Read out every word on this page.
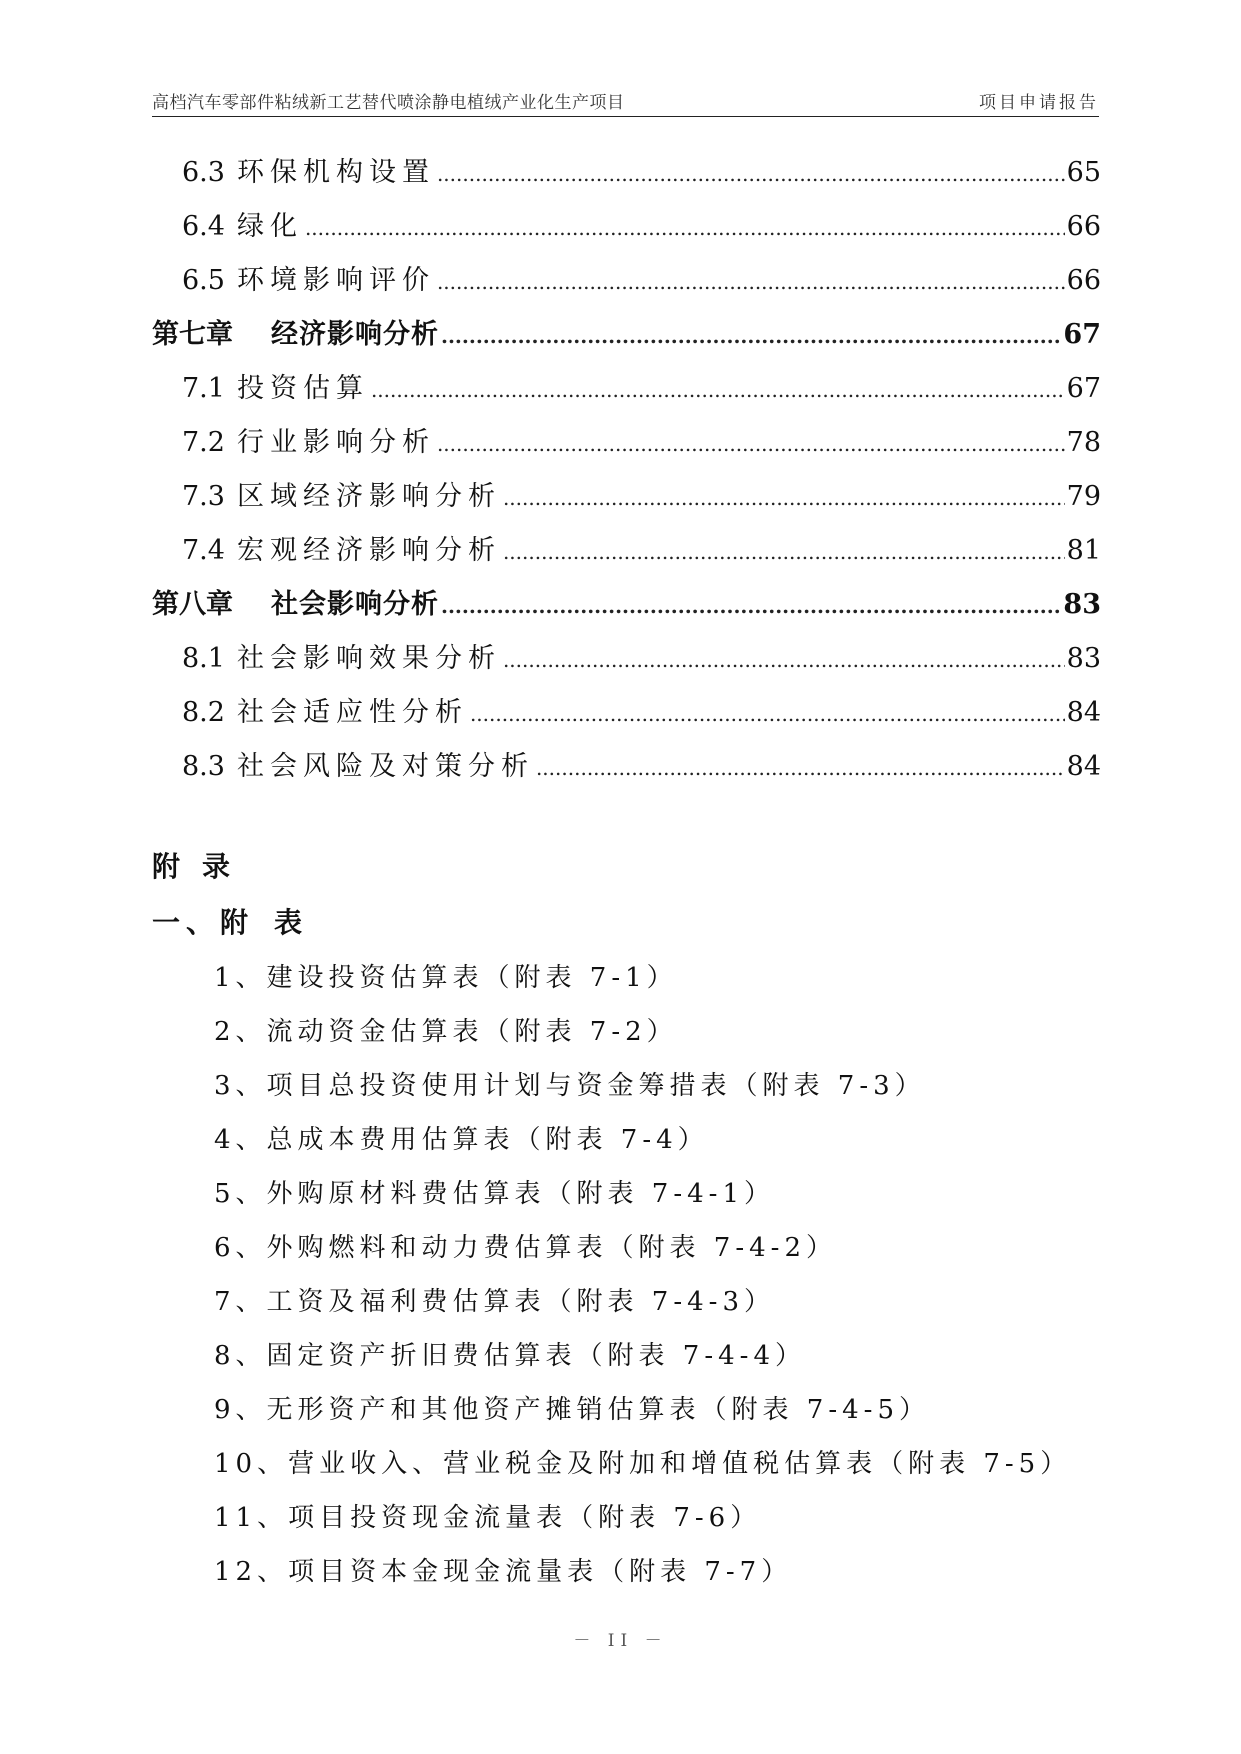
高档汽车零部件粘绒新工艺替代喷涂静电植绒产业化生产项目	项目申请报告
6.3 环保机构设置 .....	65
6.4 绿化 .....	66
6.5 环境影响评价 .....	66
第七章 经济影响分析 .....	67
7.1 投资估算 .....	67
7.2 行业影响分析 .....	78
7.3 区域经济影响分析 .....	79
7.4 宏观经济影响分析 .....	81
第八章 社会影响分析 .....	83
8.1 社会影响效果分析 .....	83
8.2 社会适应性分析 .....	84
8.3 社会风险及对策分析 .....	84
附录
一、附表
1、建设投资估算表（附表 7-1）
2、流动资金估算表（附表 7-2）
3、项目总投资使用计划与资金筹措表（附表 7-3）
4、总成本费用估算表（附表 7-4）
5、外购原材料费估算表（附表 7-4-1）
6、外购燃料和动力费估算表（附表 7-4-2）
7、工资及福利费估算表（附表 7-4-3）
8、固定资产折旧费估算表（附表 7-4-4）
9、无形资产和其他资产摊销估算表（附表 7-4-5）
10、营业收入、营业税金及附加和增值税估算表（附表 7-5）
11、项目投资现金流量表（附表 7-6）
12、项目资本金现金流量表（附表 7-7）
－ II －
